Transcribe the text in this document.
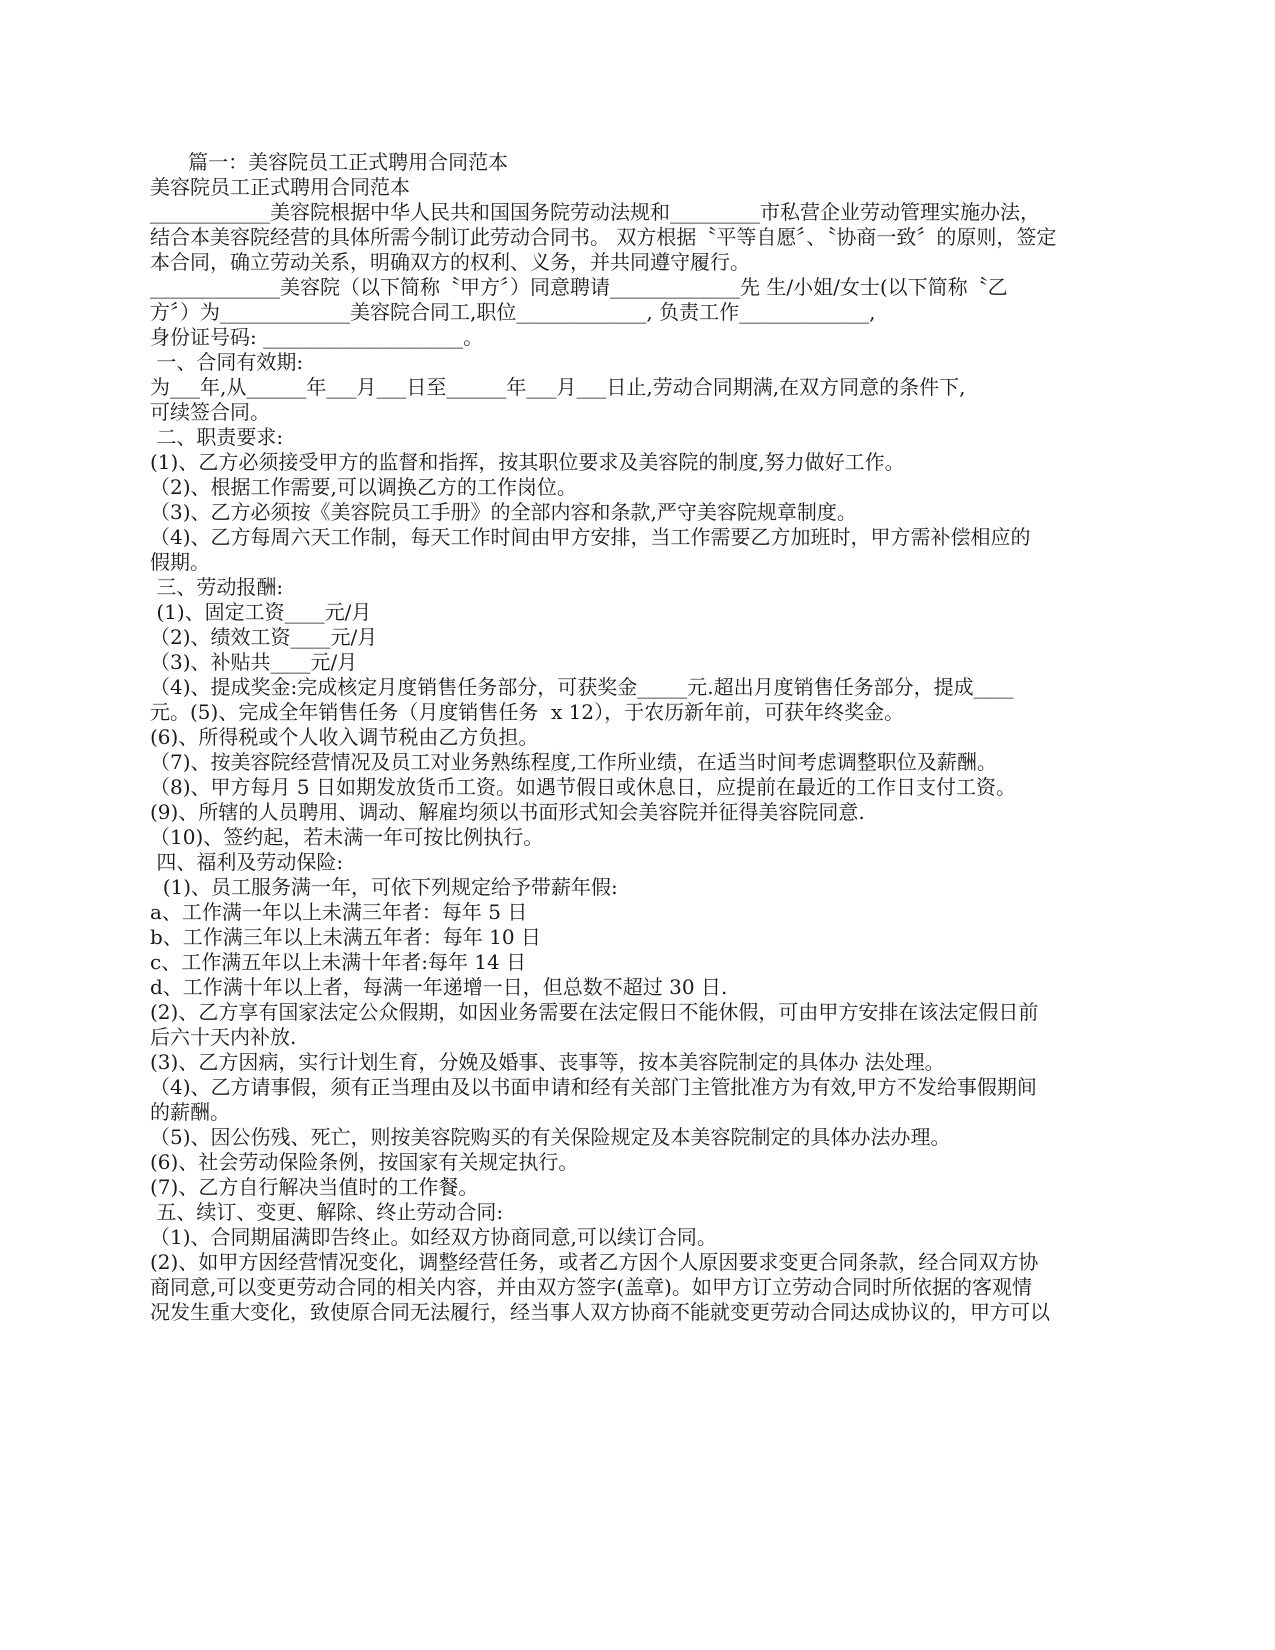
篇一：美容院员工正式聘用合同范本
美容院员工正式聘用合同范本
____________美容院根据中华人民共和国国务院劳动法规和_________市私营企业劳动管理实施办法，
结合本美容院经营的具体所需今制订此劳动合同书。 双方根据〝平等自愿〞、〝协商一致〞的原则，签定
本合同，确立劳动关系，明确双方的权利、义务，并共同遵守履行。
_____________美容院（以下简称〝甲方〞）同意聘请_____________先 生/小姐/女士(以下简称〝乙
方〞）为_____________美容院合同工,职位_____________, 负责工作_____________,
身份证号码: ____________________。
一、合同有效期:
为___年,从______年___月___日至______年___月___日止,劳动合同期满,在双方同意的条件下,
可续签合同。
二、职责要求:
(1)、乙方必须接受甲方的监督和指挥，按其职位要求及美容院的制度,努力做好工作。
（2)、根据工作需要,可以调换乙方的工作岗位。
（3)、乙方必须按《美容院员工手册》的全部内容和条款,严守美容院规章制度。
（4)、乙方每周六天工作制，每天工作时间由甲方安排，当工作需要乙方加班时，甲方需补偿相应的
假期。
三、劳动报酬:
(1)、固定工资____元/月
（2)、绩效工资____元/月
（3)、补贴共____元/月
（4)、提成奖金:完成核定月度销售任务部分，可获奖金_____元.超出月度销售任务部分，提成____
元。(5)、完成全年销售任务（月度销售任务  x 12），于农历新年前，可获年终奖金。
(6)、所得税或个人收入调节税由乙方负担。
（7)、按美容院经营情况及员工对业务熟练程度,工作所业绩，在适当时间考虑调整职位及薪酬。
（8)、甲方每月 5 日如期发放货币工资。如遇节假日或休息日，应提前在最近的工作日支付工资。
(9)、所辖的人员聘用、调动、解雇均须以书面形式知会美容院并征得美容院同意.
（10)、签约起，若未满一年可按比例执行。
四、福利及劳动保险:
(1)、员工服务满一年，可依下列规定给予带薪年假:
a、工作满一年以上未满三年者：每年 5 日
b、工作满三年以上未满五年者：每年 10 日
c、工作满五年以上未满十年者:每年 14 日
d、工作满十年以上者，每满一年递增一日，但总数不超过 30 日.
(2)、乙方享有国家法定公众假期，如因业务需要在法定假日不能休假，可由甲方安排在该法定假日前
后六十天内补放.
(3)、乙方因病，实行计划生育，分娩及婚事、丧事等，按本美容院制定的具体办 法处理。
（4)、乙方请事假，须有正当理由及以书面申请和经有关部门主管批准方为有效,甲方不发给事假期间
的薪酬。
（5)、因公伤残、死亡，则按美容院购买的有关保险规定及本美容院制定的具体办法办理。
(6)、社会劳动保险条例，按国家有关规定执行。
(7)、乙方自行解决当值时的工作餐。
五、续订、变更、解除、终止劳动合同:
（1)、合同期届满即告终止。如经双方协商同意,可以续订合同。
(2)、如甲方因经营情况变化，调整经营任务，或者乙方因个人原因要求变更合同条款，经合同双方协
商同意,可以变更劳动合同的相关内容，并由双方签字(盖章)。如甲方订立劳动合同时所依据的客观情
况发生重大变化，致使原合同无法履行，经当事人双方协商不能就变更劳动合同达成协议的，甲方可以
